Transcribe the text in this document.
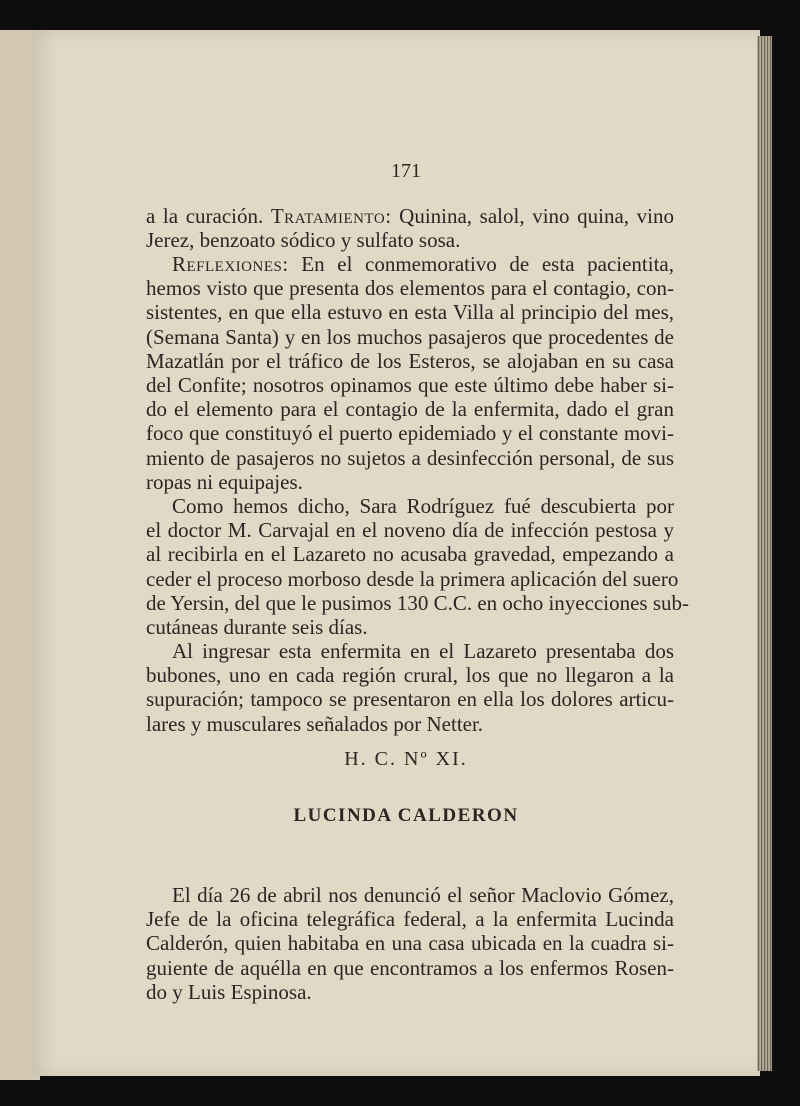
171
a la curación. Tratamiento: Quinina, salol, vino quina, vino
Jerez, benzoato sódico y sulfato sosa.
Reflexiones: En el conmemorativo de esta pacientita,
hemos visto que presenta dos elementos para el contagio, con-
sistentes, en que ella estuvo en esta Villa al principio del mes,
(Semana Santa) y en los muchos pasajeros que procedentes de
Mazatlán por el tráfico de los Esteros, se alojaban en su casa
del Confite; nosotros opinamos que este último debe haber si-
do el elemento para el contagio de la enfermita, dado el gran
foco que constituyó el puerto epidemiado y el constante movi-
miento de pasajeros no sujetos a desinfección personal, de sus
ropas ni equipajes.
Como hemos dicho, Sara Rodríguez fué descubierta por
el doctor M. Carvajal en el noveno día de infección pestosa y
al recibirla en el Lazareto no acusaba gravedad, empezando a
ceder el proceso morboso desde la primera aplicación del suero
de Yersin, del que le pusimos 130 C.C. en ocho inyecciones sub-
cutáneas durante seis días.
Al ingresar esta enfermita en el Lazareto presentaba dos
bubones, uno en cada región crural, los que no llegaron a la
supuración; tampoco se presentaron en ella los dolores articu-
lares y musculares señalados por Netter.
H. C. Nº XI.
LUCINDA CALDERON
El día 26 de abril nos denunció el señor Maclovio Gómez,
Jefe de la oficina telegráfica federal, a la enfermita Lucinda
Calderón, quien habitaba en una casa ubicada en la cuadra si-
guiente de aquélla en que encontramos a los enfermos Rosen-
do y Luis Espinosa.
